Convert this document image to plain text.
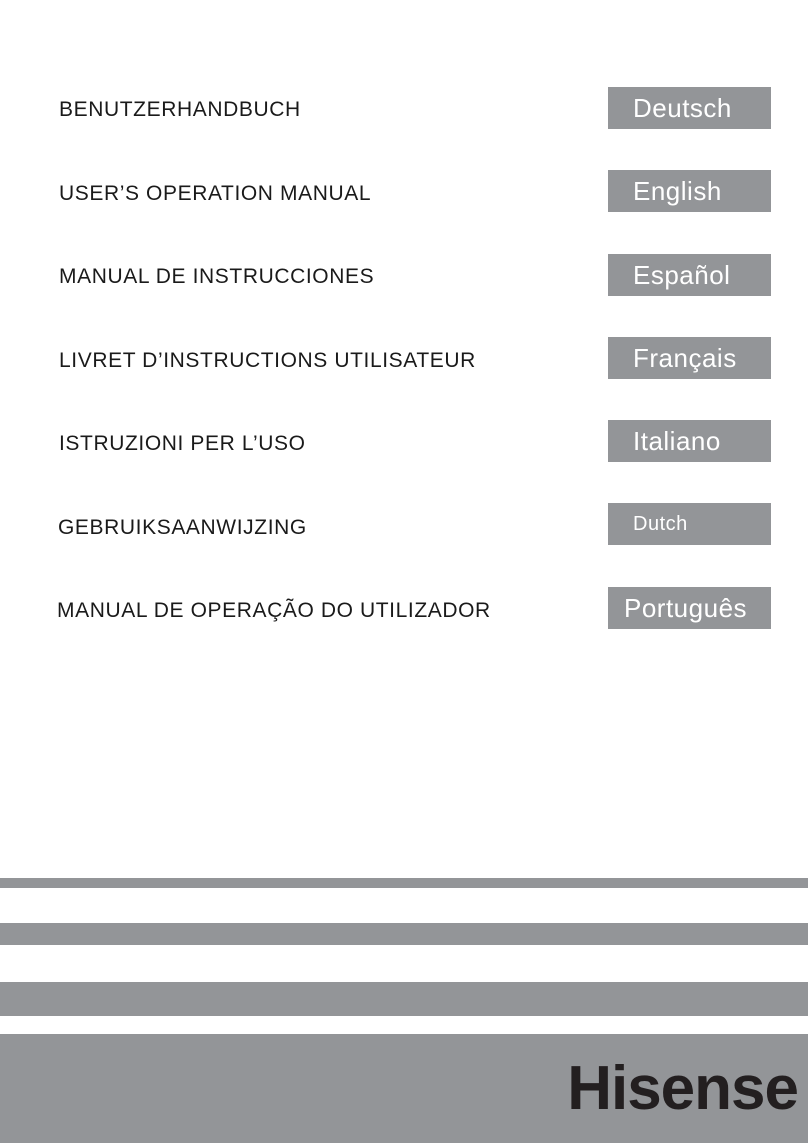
BENUTZERHANDBUCH
USER’S OPERATION MANUAL
MANUAL DE INSTRUCCIONES
LIVRET D’INSTRUCTIONS UTILISATEUR
ISTRUZIONI PER L’USO
GEBRUIKSAANWIJZING
MANUAL DE OPERAÇÃO DO UTILIZADOR
Deutsch
English
Español
Français
Italiano
Dutch
Português
Hisense
